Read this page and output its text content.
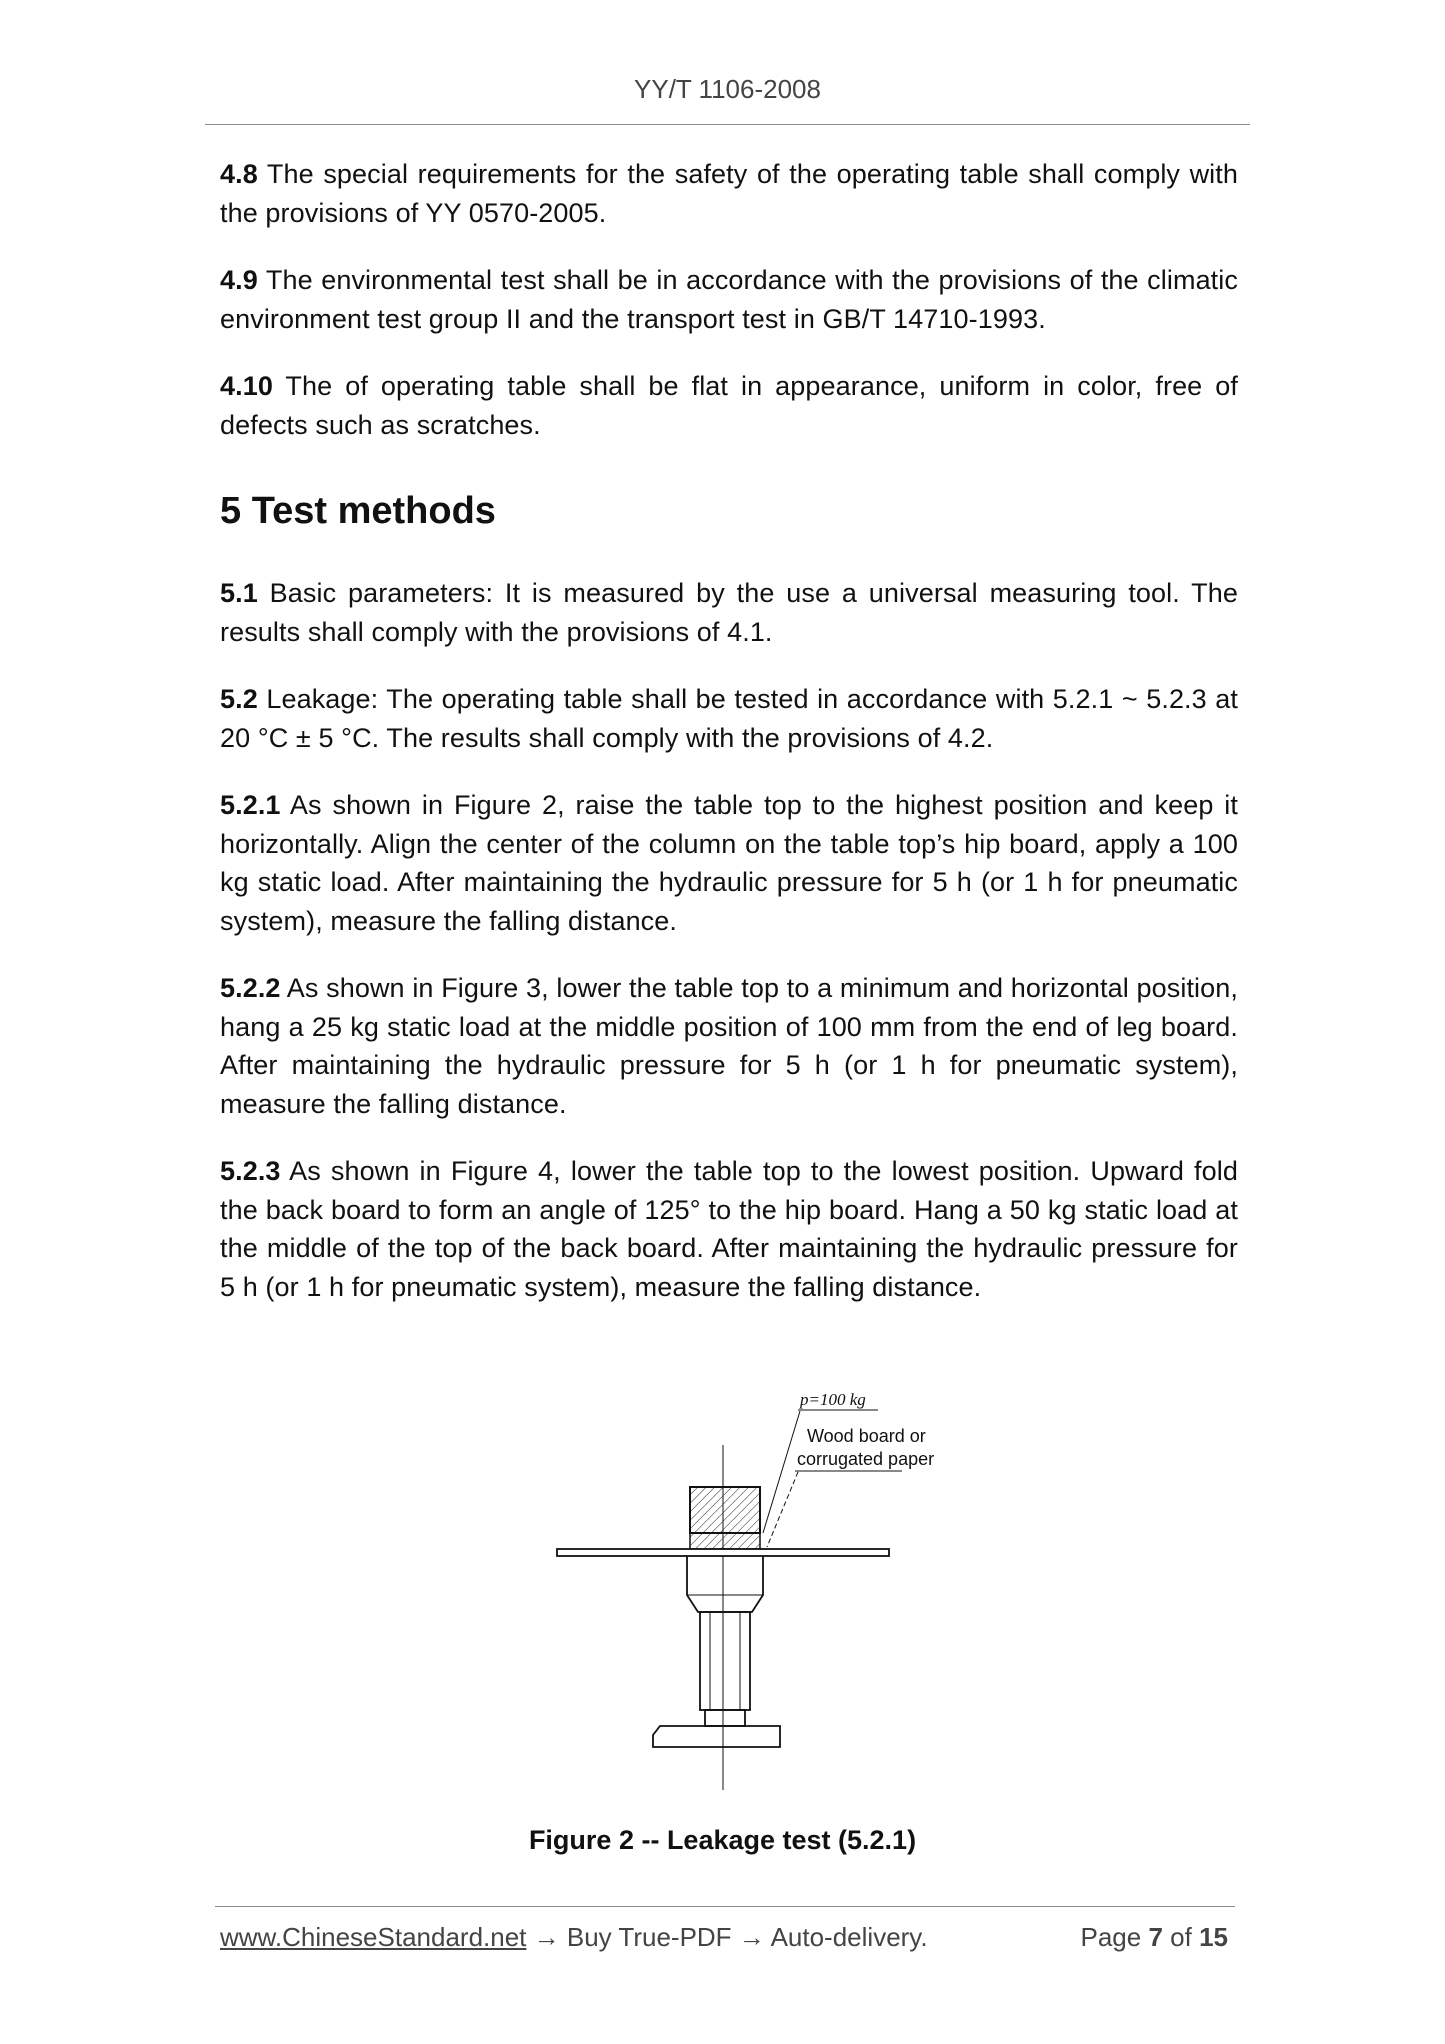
YY/T 1106-2008

4.8 The special requirements for the safety of the operating table shall comply with the provisions of YY 0570-2005.

4.9 The environmental test shall be in accordance with the provisions of the climatic environment test group II and the transport test in GB/T 14710-1993.

4.10 The of operating table shall be flat in appearance, uniform in color, free of defects such as scratches.

5 Test methods

5.1 Basic parameters: It is measured by the use a universal measuring tool. The results shall comply with the provisions of 4.1.

5.2 Leakage: The operating table shall be tested in accordance with 5.2.1 ~ 5.2.3 at 20 °C ± 5 °C. The results shall comply with the provisions of 4.2.

5.2.1 As shown in Figure 2, raise the table top to the highest position and keep it horizontally. Align the center of the column on the table top’s hip board, apply a 100 kg static load. After maintaining the hydraulic pressure for 5 h (or 1 h for pneumatic system), measure the falling distance.

5.2.2 As shown in Figure 3, lower the table top to a minimum and horizontal position, hang a 25 kg static load at the middle position of 100 mm from the end of leg board. After maintaining the hydraulic pressure for 5 h (or 1 h for pneumatic system), measure the falling distance.

5.2.3 As shown in Figure 4, lower the table top to the lowest position. Upward fold the back board to form an angle of 125° to the hip board. Hang a 50 kg static load at the middle of the top of the back board. After maintaining the hydraulic pressure for 5 h (or 1 h for pneumatic system), measure the falling distance.

p=100 kg
Wood board or
corrugated paper
Figure 2 -- Leakage test (5.2.1)
www.ChineseStandard.net → Buy True-PDF → Auto-delivery.	Page 7 of 15
